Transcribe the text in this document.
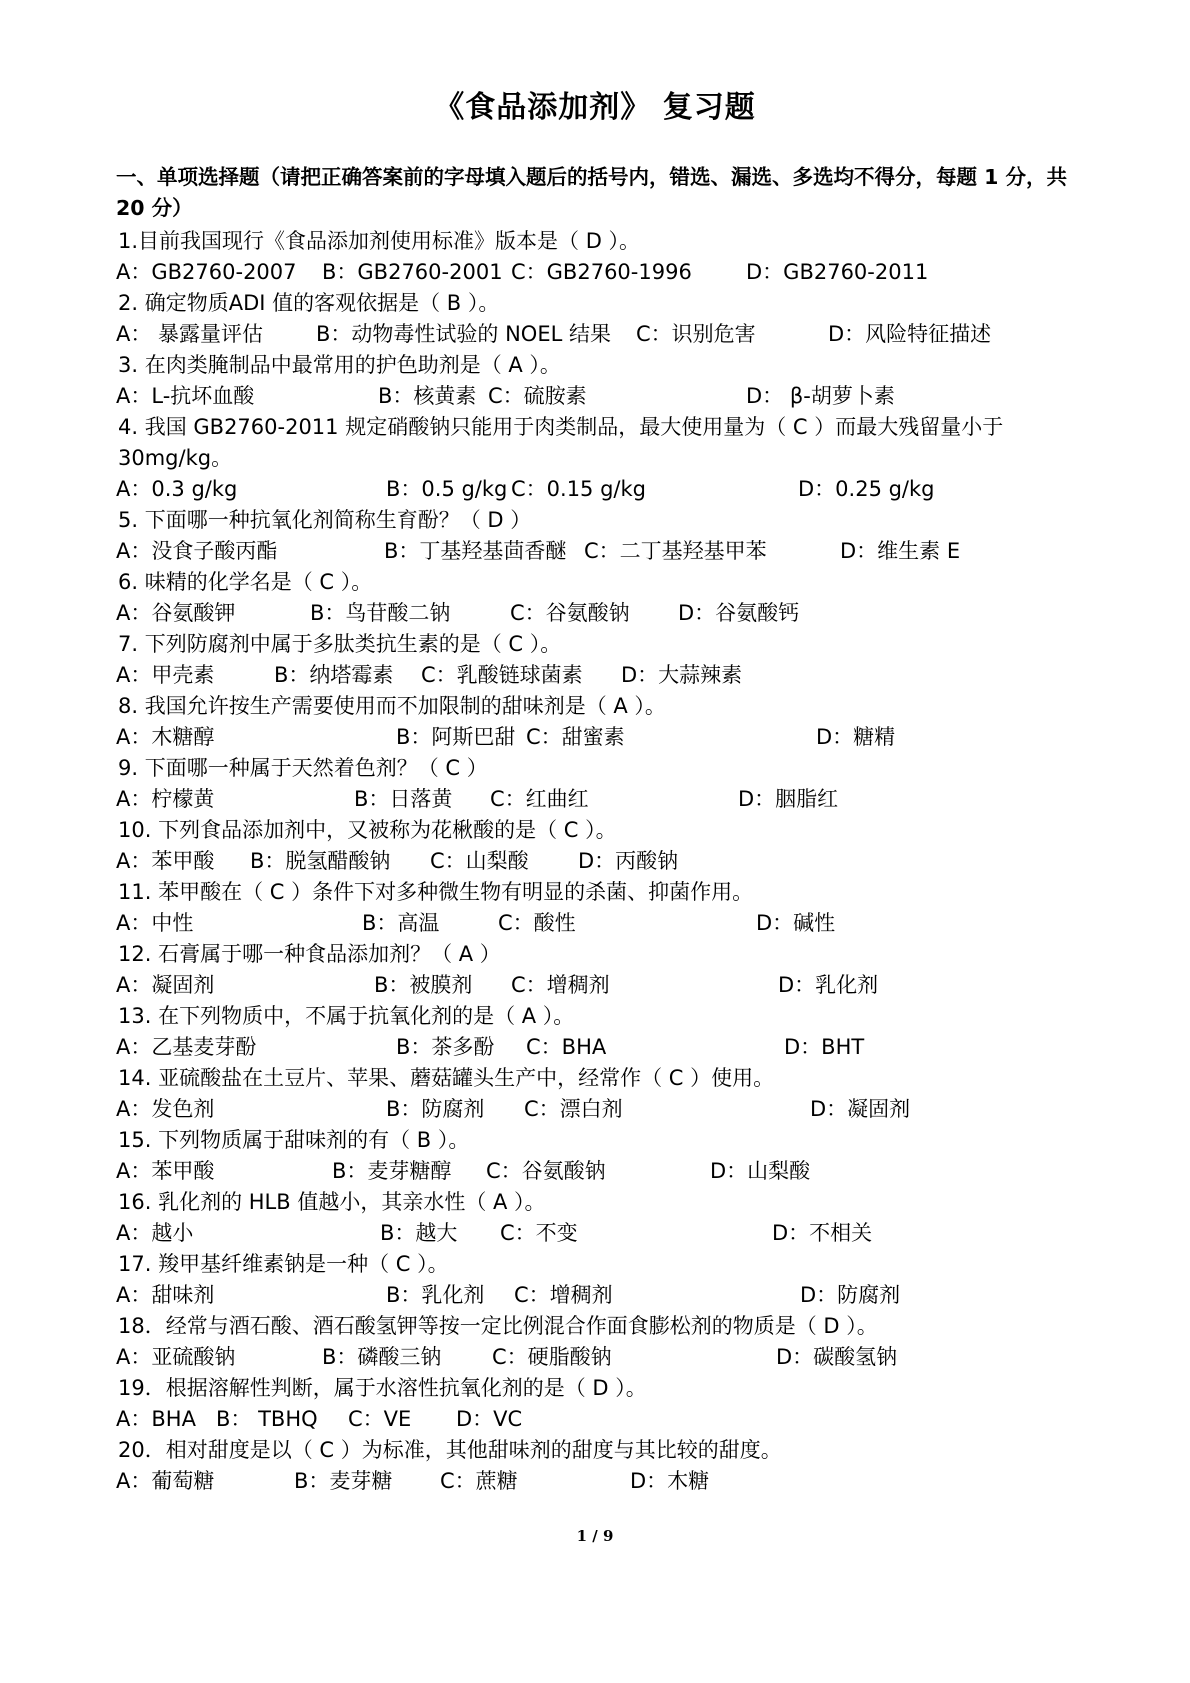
《食品添加剂》 复习题
一、单项选择题（请把正确答案前的字母填入题后的括号内，错选、漏选、多选均不得分，每题 1 分，共 20 分）
1.目前我国现行《食品添加剂使用标准》版本是（ D ）。
A：GB2760-2007 B：GB2760-2001 C：GB2760-1996	D：GB2760-2011
2. 确定物质ADI 值的客观依据是（ B ）。
A： 暴露量评估	B：动物毒性试验的 NOEL 结果 C：识别危害	D：风险特征描述
3. 在肉类腌制品中最常用的护色助剂是（ A ）。
A：L-抗坏血酸	B：核黄素 C：硫胺素	D： β-胡萝卜素
4. 我国 GB2760-2011 规定硝酸钠只能用于肉类制品，最大使用量为（ C ）而最大残留量小于 30mg/kg。
A：0.3 g/kg	B：0.5 g/kg C：0.15 g/kg	D：0.25 g/kg
5. 下面哪一种抗氧化剂简称生育酚？（ D ）
A：没食子酸丙酯	B：丁基羟基茴香醚 C：二丁基羟基甲苯	D：维生素 E
6. 味精的化学名是（ C ）。
A：谷氨酸钾	B：鸟苷酸二钠	C：谷氨酸钠 D：谷氨酸钙
7. 下列防腐剂中属于多肽类抗生素的是（ C ）。
A：甲壳素	B：纳塔霉素 C：乳酸链球菌素 D：大蒜辣素
8. 我国允许按生产需要使用而不加限制的甜味剂是（ A ）。
A：木糖醇	B：阿斯巴甜 C：甜蜜素	D：糖精
9. 下面哪一种属于天然着色剂？（ C ）
A：柠檬黄	B：日落黄 C：红曲红	D：胭脂红
10. 下列食品添加剂中，又被称为花楸酸的是（ C ）。
A：苯甲酸 B：脱氢醋酸钠 C：山梨酸 D：丙酸钠
11. 苯甲酸在（ C ）条件下对多种微生物有明显的杀菌、抑菌作用。
A：中性	B：高温	C：酸性	D：碱性
12. 石膏属于哪一种食品添加剂？（ A ）
A：凝固剂	B：被膜剂 C：增稠剂	D：乳化剂
13. 在下列物质中，不属于抗氧化剂的是（ A ）。
A：乙基麦芽酚	B：茶多酚 C：BHA	D：BHT
14. 亚硫酸盐在土豆片、苹果、蘑菇罐头生产中，经常作（ C ）使用。
A：发色剂	B：防腐剂 C：漂白剂	D：凝固剂
15. 下列物质属于甜味剂的有（ B ）。
A：苯甲酸	B：麦芽糖醇 C：谷氨酸钠	D：山梨酸
16. 乳化剂的 HLB 值越小，其亲水性（ A ）。
A：越小	B：越大 C：不变	D：不相关
17. 羧甲基纤维素钠是一种（ C ）。
A：甜味剂	B：乳化剂 C：增稠剂	D：防腐剂
18．经常与酒石酸、酒石酸氢钾等按一定比例混合作面食膨松剂的物质是（ D ）。
A：亚硫酸钠	B：磷酸三钠 C：硬脂酸钠	D：碳酸氢钠
19．根据溶解性判断，属于水溶性抗氧化剂的是（ D ）。
A：BHA B： TBHQ C：VE D：VC
20．相对甜度是以（ C ）为标准，其他甜味剂的甜度与其比较的甜度。
A：葡萄糖	B：麦芽糖 C：蔗糖	D：木糖
1 / 9
